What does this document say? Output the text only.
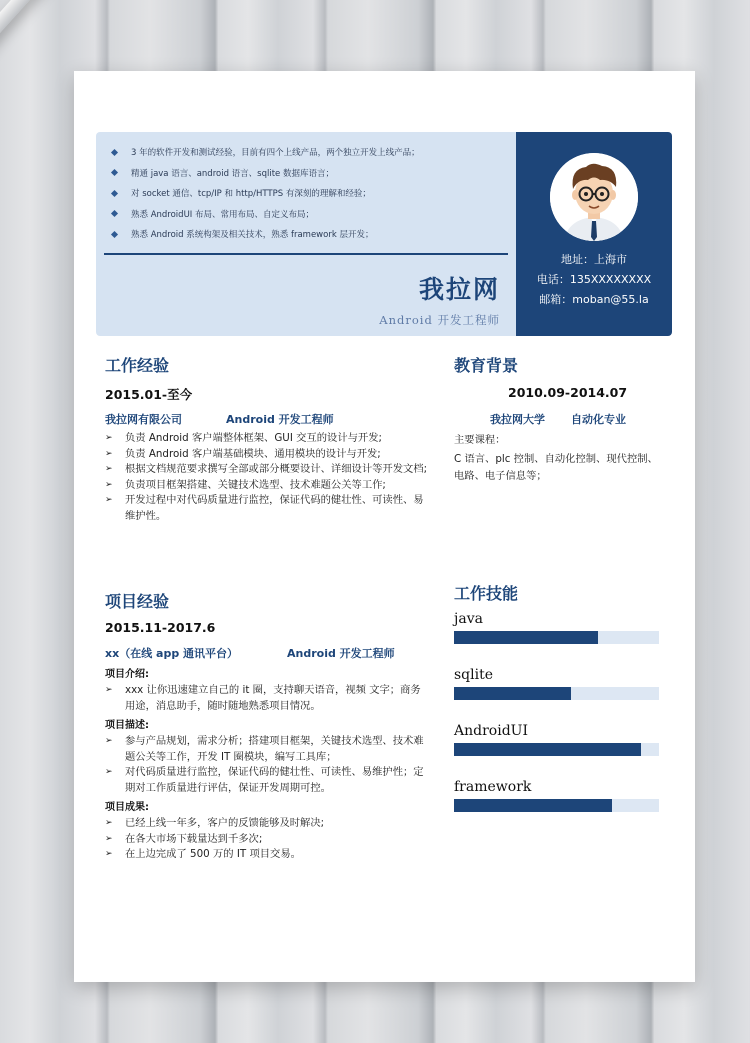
3 年的软件开发和测试经验，目前有四个上线产品，两个独立开发上线产品；
精通 java 语言、android 语言、sqlite 数据库语言；
对 socket 通信、tcp/IP 和 http/HTTPS 有深刻的理解和经验；
熟悉 AndroidUI 布局、常用布局、自定义布局；
熟悉 Android 系统构架及相关技术，熟悉 framework 层开发；
我拉网
Android 开发工程师
地址：上海市
电话：135XXXXXXXX
邮箱：moban@55.la
工作经验
2015.01-至今
我拉网有限公司	Android 开发工程师
➢	负责 Android 客户端整体框架、GUI 交互的设计与开发;
➢	负责 Android 客户端基础模块、通用模块的设计与开发;
➢	根据文档规范要求撰写全部或部分概要设计、详细设计等开发文档;
➢	负责项目框架搭建、关键技术选型、技术难题公关等工作;
➢	开发过程中对代码质量进行监控，保证代码的健壮性、可读性、易维护性。
教育背景
2010.09-2014.07
我拉网大学 自动化专业
主要课程：
C 语言、plc 控制、自动化控制、现代控制、电路、电子信息等；
项目经验
2015.11-2017.6
xx（在线 app 通讯平台）	Android 开发工程师
项目介绍:
➢	xxx 让你迅速建立自己的 it 圈，支持聊天语音，视频 文字；商务用途，消息助手，随时随地熟悉项目情况。
项目描述:
➢	参与产品规划，需求分析；搭建项目框架，关键技术选型、技术难题公关等工作，开发 IT 圈模块，编写工具库；
➢	对代码质量进行监控，保证代码的健壮性、可读性、易维护性；定期对工作质量进行评估，保证开发周期可控。
项目成果:
➢	已经上线一年多，客户的反馈能够及时解决;
➢	在各大市场下载量达到千多次;
➢	在上边完成了 500 万的 IT 项目交易。
工作技能
java
sqlite
AndroidUI
framework
